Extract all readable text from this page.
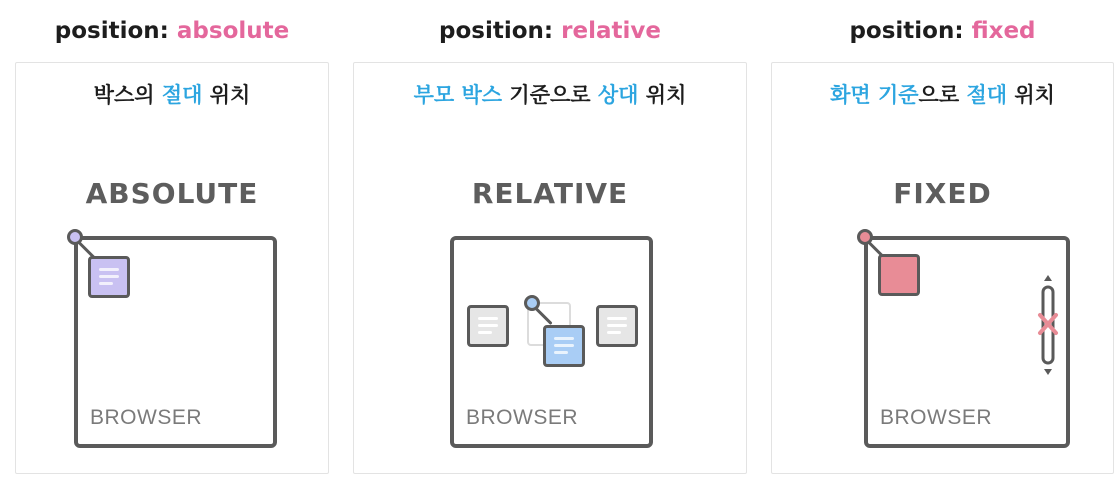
position: absolute
박스의 절대 위치
ABSOLUTE
BROWSER
position: relative
부모 박스 기준으로 상대 위치
RELATIVE
BROWSER
position: fixed
화면 기준으로 절대 위치
FIXED
BROWSER
